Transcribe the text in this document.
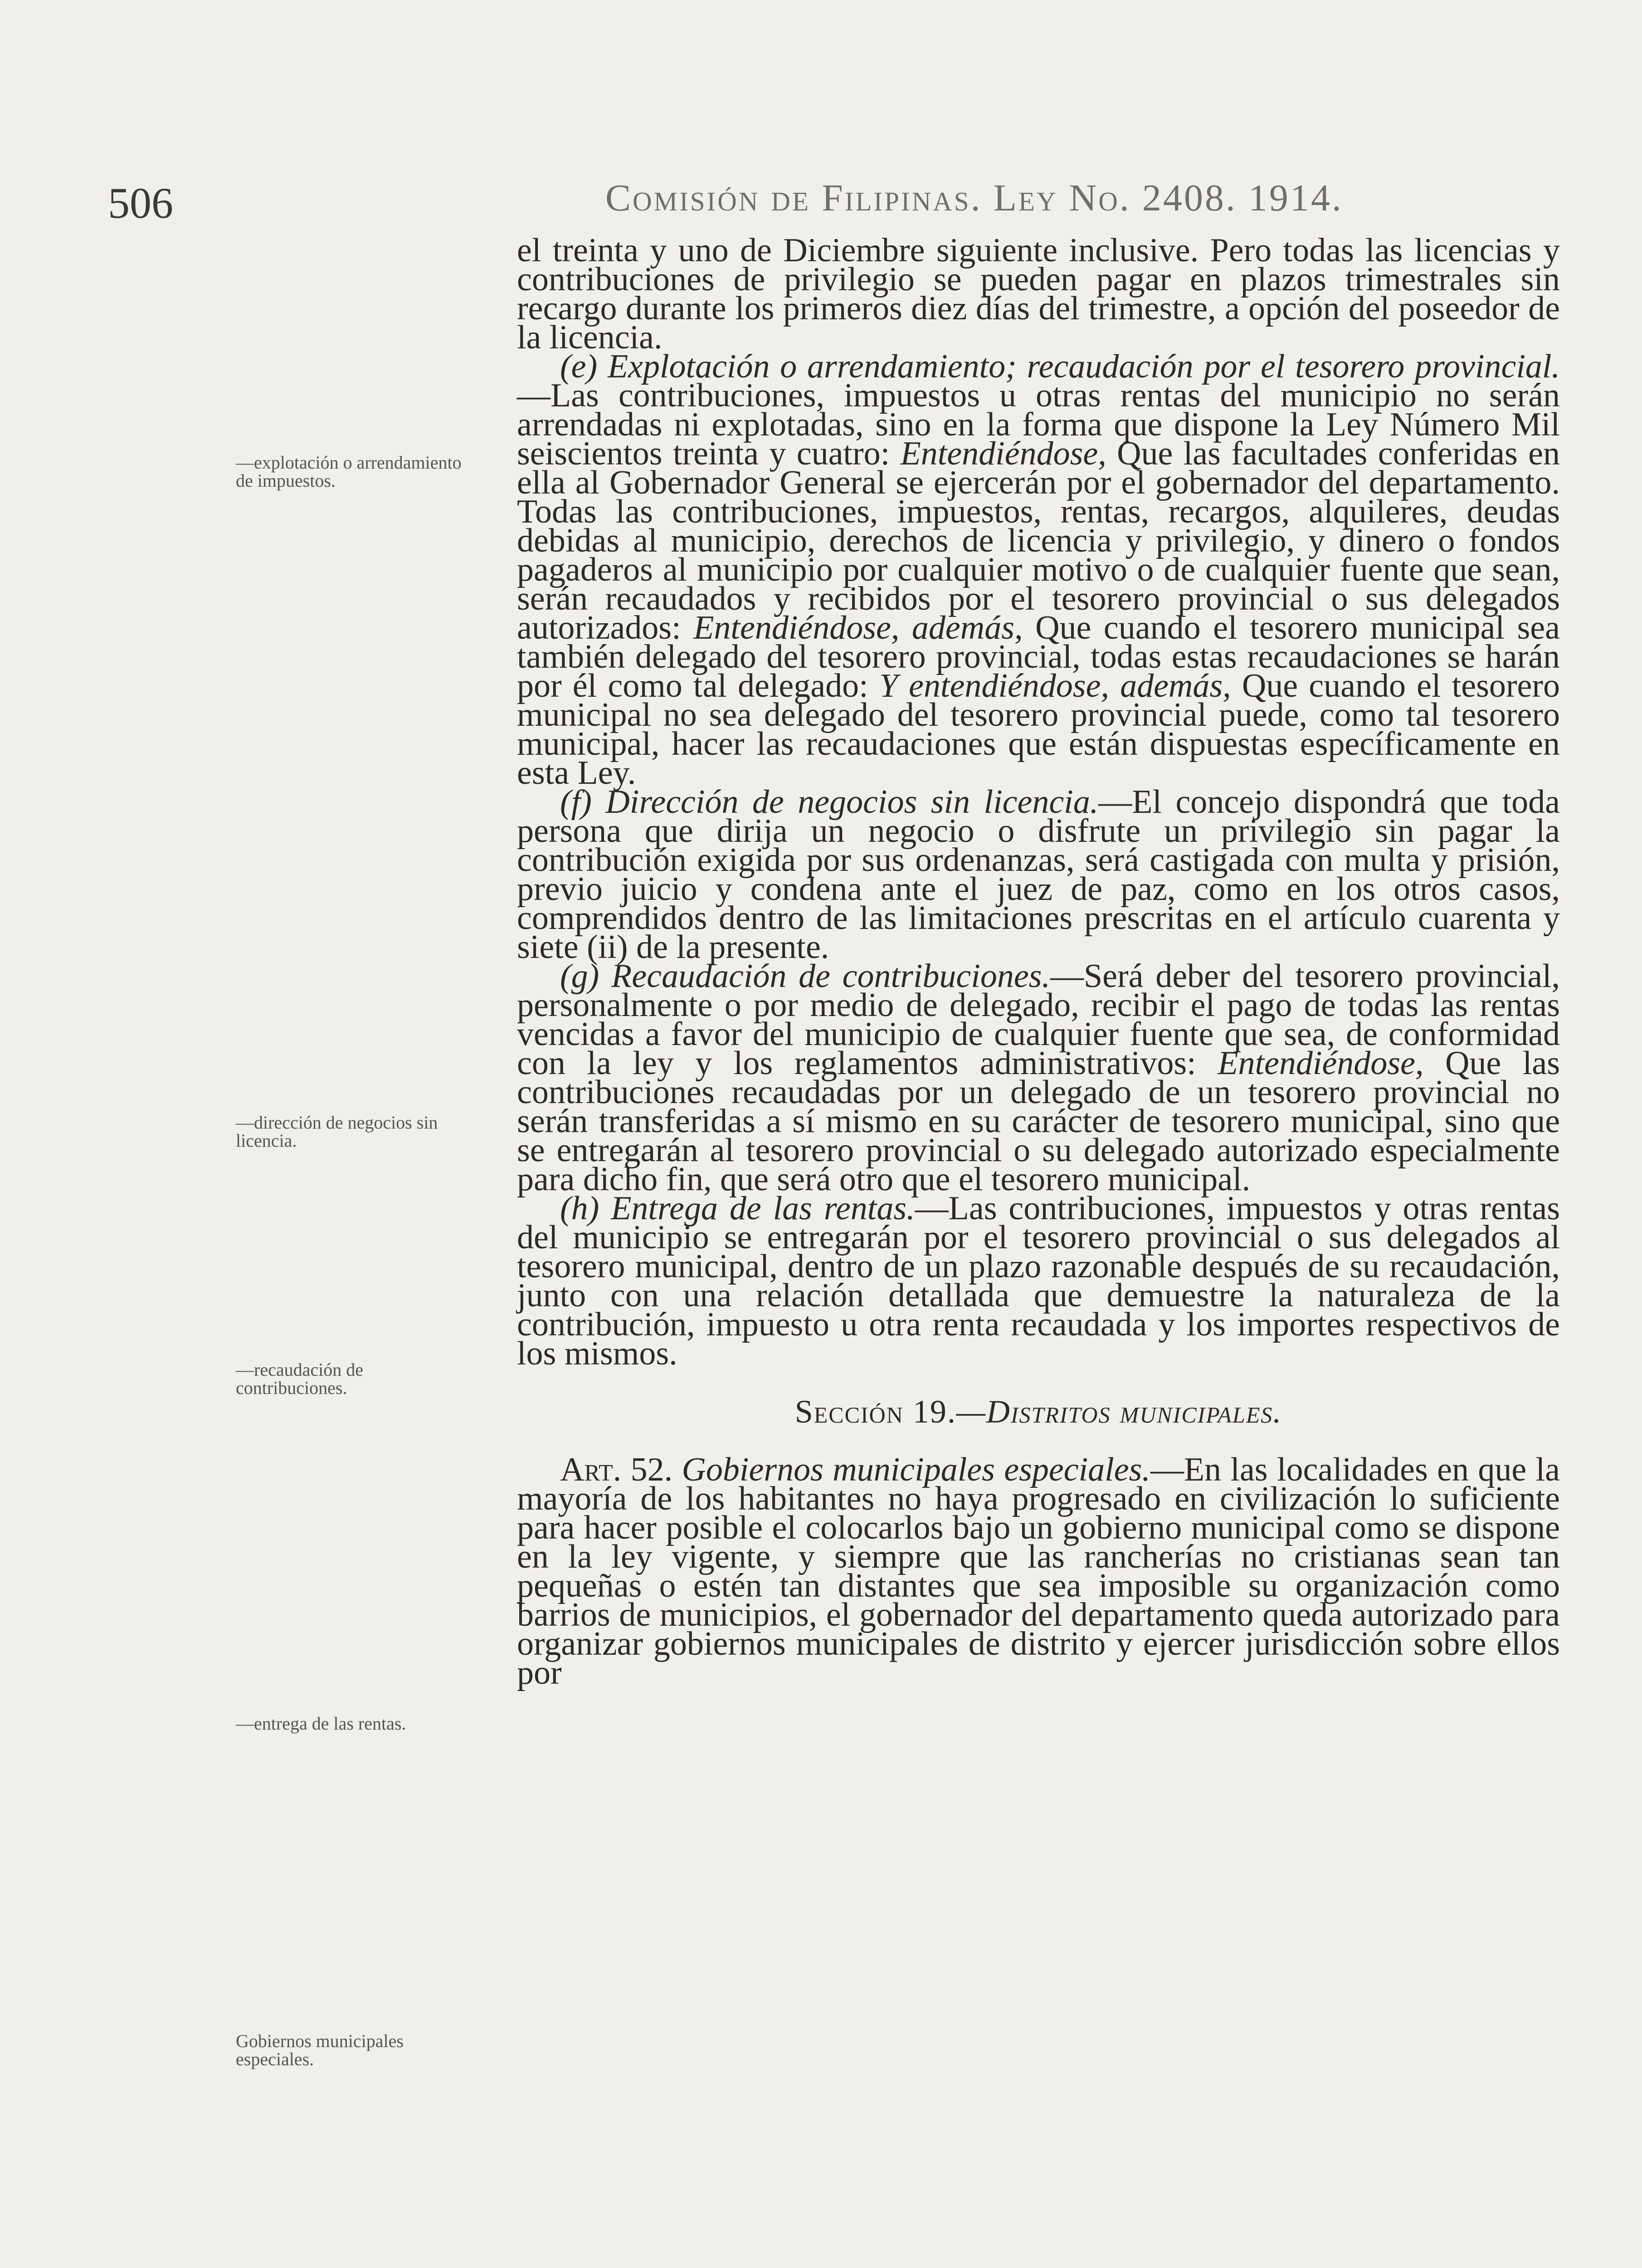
506	Comisión de Filipinas. Ley No. 2408. 1914.
—explotación o arrendamiento de impuestos.
—dirección de negocios sin licencia.
—recaudación de contribuciones.
—entrega de las rentas.
Gobiernos municipales especiales.

el treinta y uno de Diciembre siguiente inclusive. Pero todas las licencias y contribuciones de privilegio se pueden pagar en plazos trimestrales sin recargo durante los primeros diez días del trimestre, a opción del poseedor de la licencia.

(e) Explotación o arrendamiento; recaudación por el tesorero provincial.—Las contribuciones, impuestos u otras rentas del municipio no serán arrendadas ni explotadas, sino en la forma que dispone la Ley Número Mil seiscientos treinta y cuatro: Entendiéndose, Que las facultades conferidas en ella al Gobernador General se ejercerán por el gobernador del departamento. Todas las contribuciones, impuestos, rentas, recargos, alquileres, deudas debidas al municipio, derechos de licencia y privilegio, y dinero o fondos pagaderos al municipio por cualquier motivo o de cualquier fuente que sean, serán recaudados y recibidos por el tesorero provincial o sus delegados autorizados: Entendiéndose, además, Que cuando el tesorero municipal sea también delegado del tesorero provincial, todas estas recaudaciones se harán por él como tal delegado: Y entendiéndose, además, Que cuando el tesorero municipal no sea delegado del tesorero provincial puede, como tal tesorero municipal, hacer las recaudaciones que están dispuestas específicamente en esta Ley.

(f) Dirección de negocios sin licencia.—El concejo dispondrá que toda persona que dirija un negocio o disfrute un privilegio sin pagar la contribución exigida por sus ordenanzas, será castigada con multa y prisión, previo juicio y condena ante el juez de paz, como en los otros casos, comprendidos dentro de las limitaciones prescritas en el artículo cuarenta y siete (ii) de la presente.

(g) Recaudación de contribuciones.—Será deber del tesorero provincial, personalmente o por medio de delegado, recibir el pago de todas las rentas vencidas a favor del municipio de cualquier fuente que sea, de conformidad con la ley y los reglamentos administrativos: Entendiéndose, Que las contribuciones recaudadas por un delegado de un tesorero provincial no serán transferidas a sí mismo en su carácter de tesorero municipal, sino que se entregarán al tesorero provincial o su delegado autorizado especialmente para dicho fin, que será otro que el tesorero municipal.

(h) Entrega de las rentas.—Las contribuciones, impuestos y otras rentas del municipio se entregarán por el tesorero provincial o sus delegados al tesorero municipal, dentro de un plazo razonable después de su recaudación, junto con una relación detallada que demuestre la naturaleza de la contribución, impuesto u otra renta recaudada y los importes respectivos de los mismos.

Sección 19.—Distritos municipales.

Art. 52. Gobiernos municipales especiales.—En las localidades en que la mayoría de los habitantes no haya progresado en civilización lo suficiente para hacer posible el colocarlos bajo un gobierno municipal como se dispone en la ley vigente, y siempre que las rancherías no cristianas sean tan pequeñas o estén tan distantes que sea imposible su organización como barrios de municipios, el gobernador del departamento queda autorizado para organizar gobiernos municipales de distrito y ejercer jurisdicción sobre ellos por
